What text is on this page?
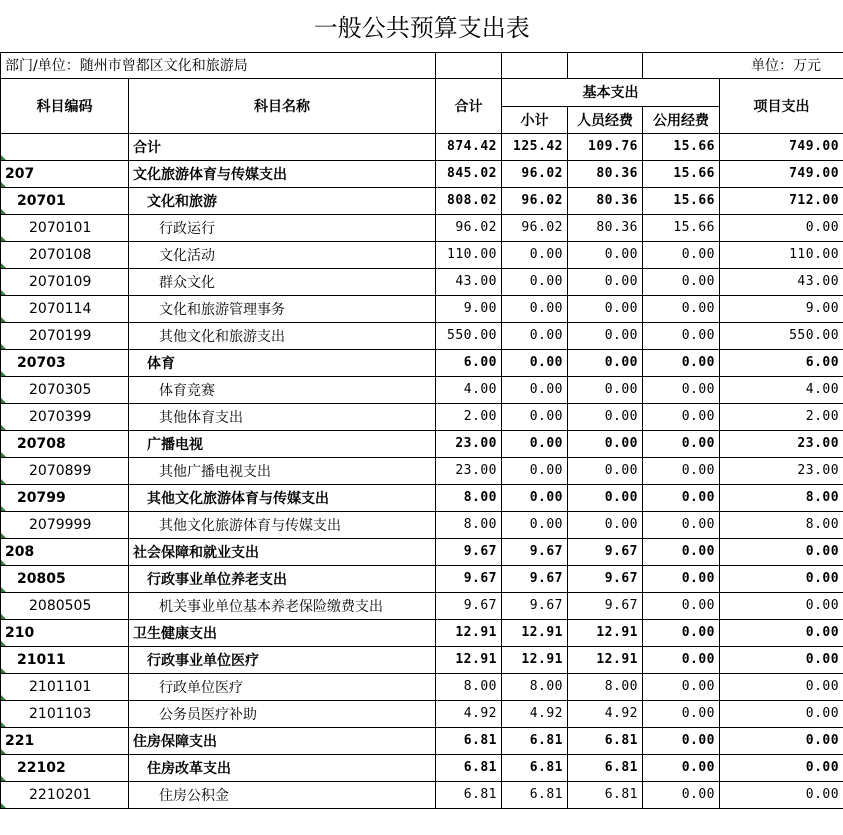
一般公共预算支出表						
部门/单位：随州市曾都区文化和旅游局					单位：万元	
科目编码	科目名称	合计	基本支出			项目支出
			小计	人员经费	公用经费	
	合计	874.42	125.42	109.76	15.66	749.00
207	文化旅游体育与传媒支出	845.02	96.02	80.36	15.66	749.00
20701	文化和旅游	808.02	96.02	80.36	15.66	712.00
2070101	行政运行	96.02	96.02	80.36	15.66	0.00
2070108	文化活动	110.00	0.00	0.00	0.00	110.00
2070109	群众文化	43.00	0.00	0.00	0.00	43.00
2070114	文化和旅游管理事务	9.00	0.00	0.00	0.00	9.00
2070199	其他文化和旅游支出	550.00	0.00	0.00	0.00	550.00
20703	体育	6.00	0.00	0.00	0.00	6.00
2070305	体育竞赛	4.00	0.00	0.00	0.00	4.00
2070399	其他体育支出	2.00	0.00	0.00	0.00	2.00
20708	广播电视	23.00	0.00	0.00	0.00	23.00
2070899	其他广播电视支出	23.00	0.00	0.00	0.00	23.00
20799	其他文化旅游体育与传媒支出	8.00	0.00	0.00	0.00	8.00
2079999	其他文化旅游体育与传媒支出	8.00	0.00	0.00	0.00	8.00
208	社会保障和就业支出	9.67	9.67	9.67	0.00	0.00
20805	行政事业单位养老支出	9.67	9.67	9.67	0.00	0.00
2080505	机关事业单位基本养老保险缴费支出	9.67	9.67	9.67	0.00	0.00
210	卫生健康支出	12.91	12.91	12.91	0.00	0.00
21011	行政事业单位医疗	12.91	12.91	12.91	0.00	0.00
2101101	行政单位医疗	8.00	8.00	8.00	0.00	0.00
2101103	公务员医疗补助	4.92	4.92	4.92	0.00	0.00
221	住房保障支出	6.81	6.81	6.81	0.00	0.00
22102	住房改革支出	6.81	6.81	6.81	0.00	0.00
2210201	住房公积金	6.81	6.81	6.81	0.00	0.00
